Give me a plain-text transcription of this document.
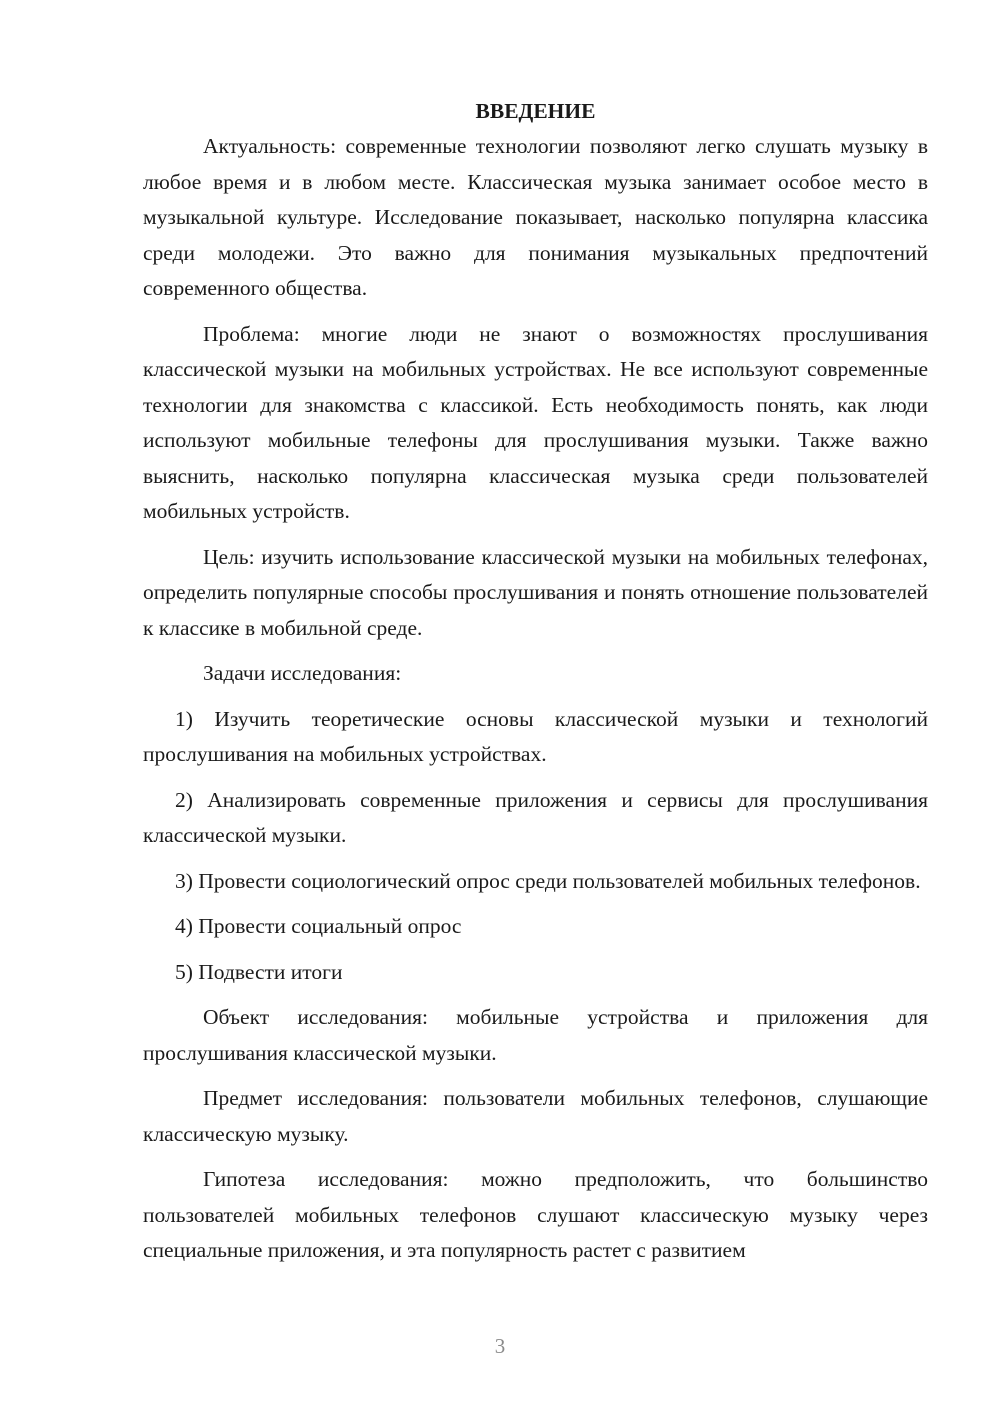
ВВЕДЕНИЕ

Актуальность: современные технологии позволяют легко слушать музыку в любое время и в любом месте. Классическая музыка занимает особое место в музыкальной культуре. Исследование показывает, насколько популярна классика среди молодежи. Это важно для понимания музыкальных предпочтений современного общества.

Проблема: многие люди не знают о возможностях прослушивания классической музыки на мобильных устройствах. Не все используют современные технологии для знакомства с классикой. Есть необходимость понять, как люди используют мобильные телефоны для прослушивания музыки. Также важно выяснить, насколько популярна классическая музыка среди пользователей мобильных устройств.

Цель: изучить использование классической музыки на мобильных телефонах, определить популярные способы прослушивания и понять отношение пользователей к классике в мобильной среде.

Задачи исследования:

1) Изучить теоретические основы классической музыки и технологий прослушивания на мобильных устройствах.

2) Анализировать современные приложения и сервисы для прослушивания классической музыки.

3) Провести социологический опрос среди пользователей мобильных телефонов.

4) Провести социальный опрос

5) Подвести итоги

Объект исследования: мобильные устройства и приложения для прослушивания классической музыки.

Предмет исследования: пользователи мобильных телефонов, слушающие классическую музыку.

Гипотеза исследования: можно предположить, что большинство пользователей мобильных телефонов слушают классическую музыку через специальные приложения, и эта популярность растет с развитием

3
